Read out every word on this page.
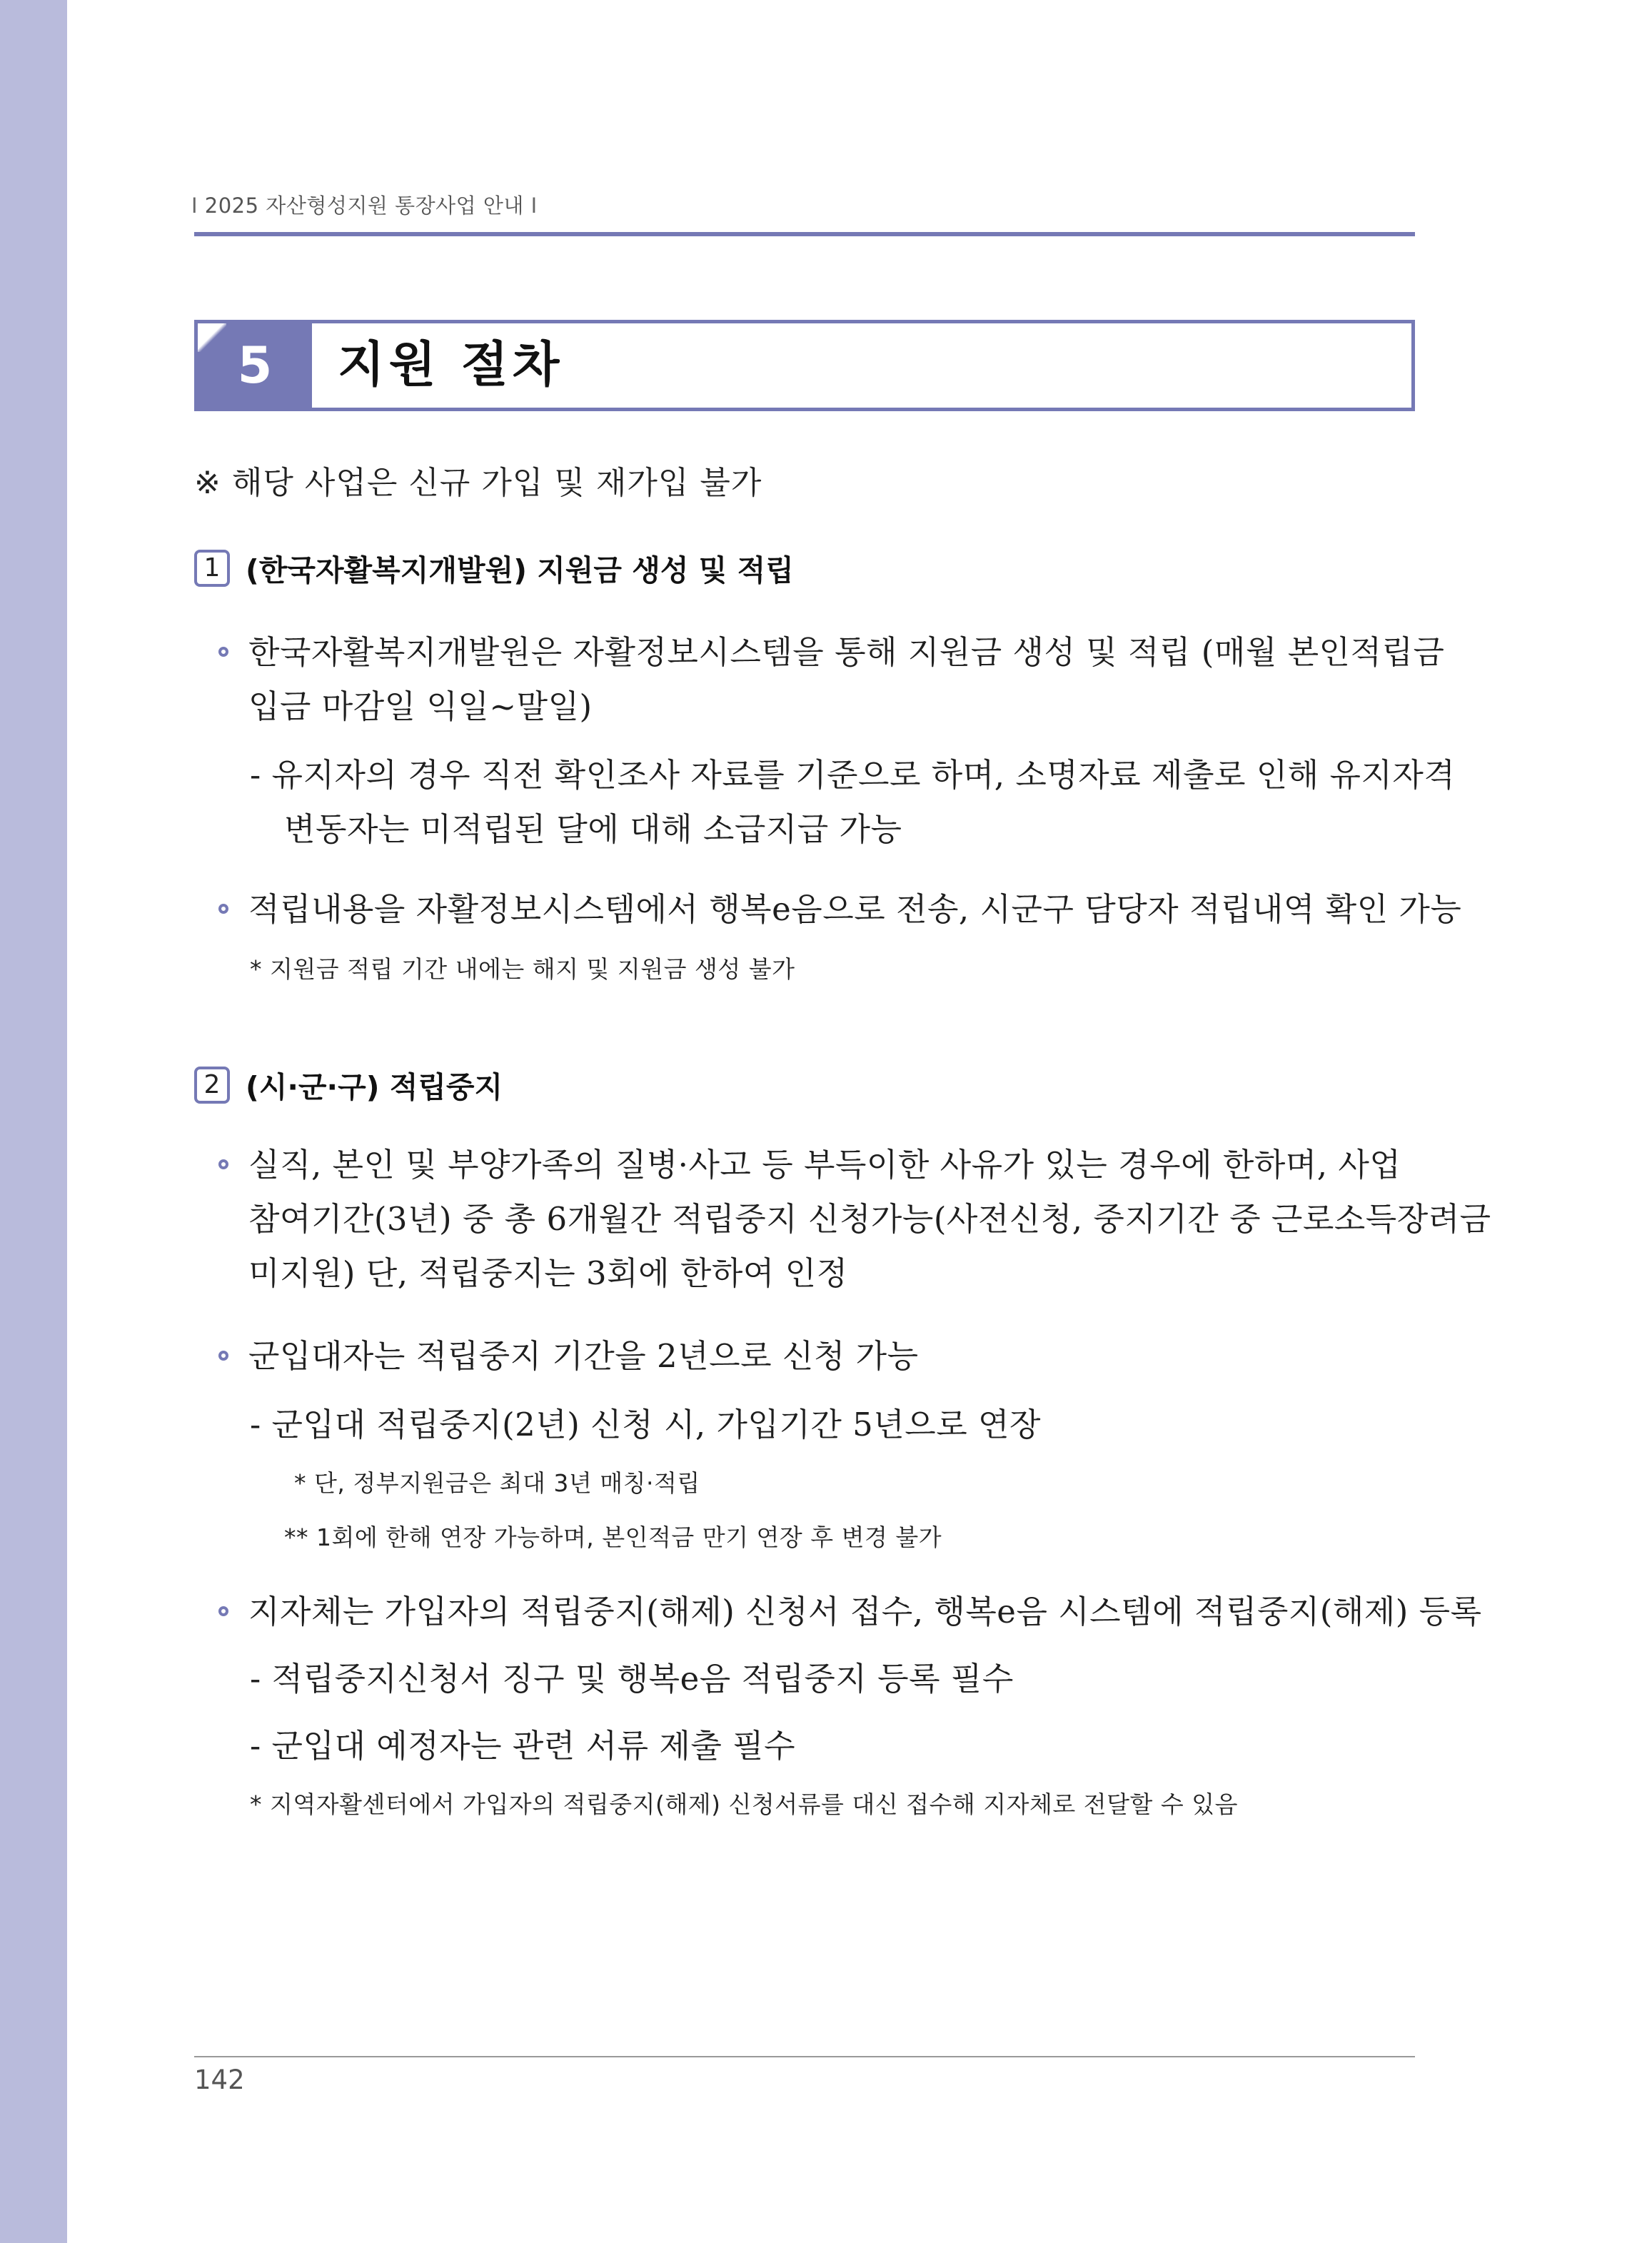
Ⅰ 2025 자산형성지원 통장사업 안내 Ⅰ
5	지원 절차
※ 해당 사업은 신규 가입 및 재가입 불가
1 (한국자활복지개발원) 지원금 생성 및 적립
한국자활복지개발원은 자활정보시스템을 통해 지원금 생성 및 적립 (매월 본인적립금
입금 마감일 익일~말일)
- 유지자의 경우 직전 확인조사 자료를 기준으로 하며, 소명자료 제출로 인해 유지자격
변동자는 미적립된 달에 대해 소급지급 가능
적립내용을 자활정보시스템에서 행복e음으로 전송, 시군구 담당자 적립내역 확인 가능
* 지원금 적립 기간 내에는 해지 및 지원금 생성 불가
2 (시·군·구) 적립중지
실직, 본인 및 부양가족의 질병·사고 등 부득이한 사유가 있는 경우에 한하며, 사업
참여기간(3년) 중 총 6개월간 적립중지 신청가능(사전신청, 중지기간 중 근로소득장려금
미지원) 단, 적립중지는 3회에 한하여 인정
군입대자는 적립중지 기간을 2년으로 신청 가능
- 군입대 적립중지(2년) 신청 시, 가입기간 5년으로 연장
* 단, 정부지원금은 최대 3년 매칭·적립
** 1회에 한해 연장 가능하며, 본인적금 만기 연장 후 변경 불가
지자체는 가입자의 적립중지(해제) 신청서 접수, 행복e음 시스템에 적립중지(해제) 등록
- 적립중지신청서 징구 및 행복e음 적립중지 등록 필수
- 군입대 예정자는 관련 서류 제출 필수
* 지역자활센터에서 가입자의 적립중지(해제) 신청서류를 대신 접수해 지자체로 전달할 수 있음
142
